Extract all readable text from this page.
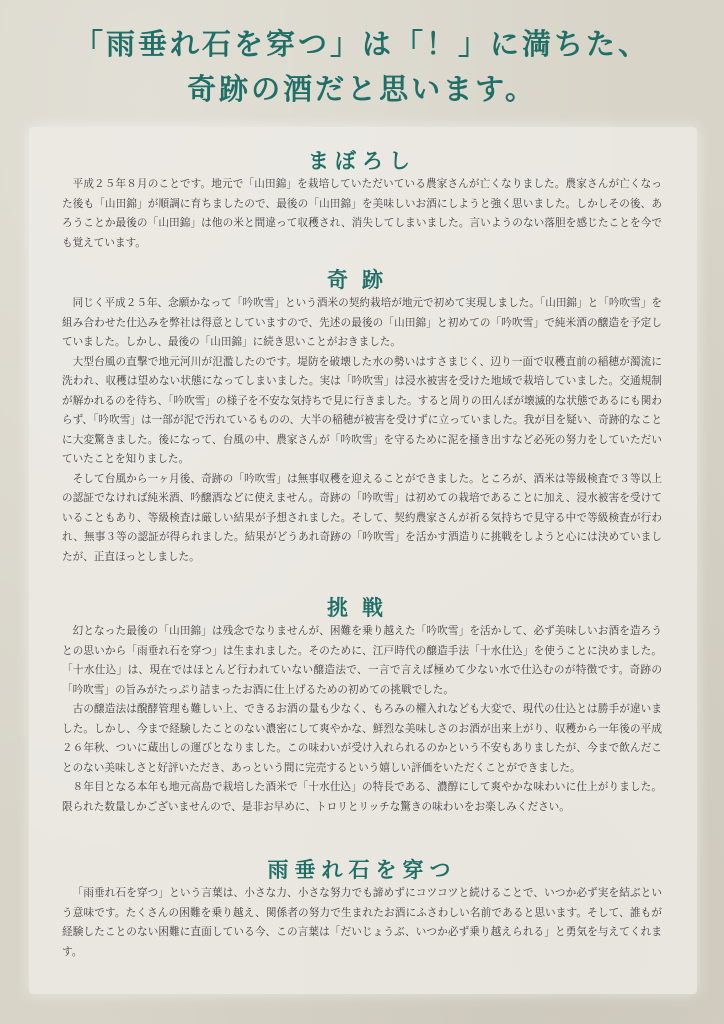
「雨垂れ石を穿つ」は「！」に満ちた、
奇跡の酒だと思います。
まぼろし

平成２５年８月のことです。地元で「山田錦」を栽培していただいている農家さんが亡くなりました。農家さんが亡くなった後も「山田錦」が順調に育ちましたので、最後の「山田錦」を美味しいお酒にしようと強く思いました。しかしその後、あろうことか最後の「山田錦」は他の米と間違って収穫され、消失してしまいました。言いようのない落胆を感じたことを今でも覚えています。

奇跡

同じく平成２５年、念願かなって「吟吹雪」という酒米の契約栽培が地元で初めて実現しました。「山田錦」と「吟吹雪」を組み合わせた仕込みを弊社は得意としていますので、先述の最後の「山田錦」と初めての「吟吹雪」で純米酒の醸造を予定していました。しかし、最後の「山田錦」に続き思いことがおきました。

大型台風の直撃で地元河川が氾濫したのです。堤防を破壊した水の勢いはすさまじく、辺り一面で収穫直前の稲穂が濁流に洗われ、収穫は望めない状態になってしまいました。実は「吟吹雪」は浸水被害を受けた地域で栽培していました。交通規制が解かれるのを待ち、「吟吹雪」の様子を不安な気持ちで見に行きました。すると周りの田んぼが壊滅的な状態であるにも関わらず、「吟吹雪」は一部が泥で汚れているものの、大半の稲穂が被害を受けずに立っていました。我が目を疑い、奇跡的なことに大変驚きました。後になって、台風の中、農家さんが「吟吹雪」を守るために泥を掻き出すなど必死の努力をしていただいていたことを知りました。

そして台風から一ヶ月後、奇跡の「吟吹雪」は無事収穫を迎えることができました。ところが、酒米は等級検査で３等以上の認証でなければ純米酒、吟醸酒などに使えません。奇跡の「吟吹雪」は初めての栽培であることに加え、浸水被害を受けていることもあり、等級検査は厳しい結果が予想されました。そして、契約農家さんが祈る気持ちで見守る中で等級検査が行われ、無事３等の認証が得られました。結果がどうあれ奇跡の「吟吹雪」を活かす酒造りに挑戦をしようと心には決めていましたが、正直ほっとしました。

挑戦

幻となった最後の「山田錦」は残念でなりませんが、困難を乗り越えた「吟吹雪」を活かして、必ず美味しいお酒を造ろうとの思いから「雨垂れ石を穿つ」は生まれました。そのために、江戸時代の醸造手法「十水仕込」を使うことに決めました。「十水仕込」は、現在ではほとんど行われていない醸造法で、一言で言えば極めて少ない水で仕込むのが特徴です。奇跡の「吟吹雪」の旨みがたっぷり詰まったお酒に仕上げるための初めての挑戦でした。

古の醸造法は醗酵管理も難しい上、できるお酒の量も少なく、もろみの櫂入れなども大変で、現代の仕込とは勝手が違いました。しかし、今まで経験したことのない濃密にして爽やかな、鮮烈な美味しさのお酒が出来上がり、収穫から一年後の平成２６年秋、ついに蔵出しの運びとなりました。この味わいが受け入れられるのかという不安もありましたが、今まで飲んだことのない美味しさと好評いただき、あっという間に完売するという嬉しい評価をいただくことができました。

８年目となる本年も地元高島で栽培した酒米で「十水仕込」の特長である、濃醇にして爽やかな味わいに仕上がりました。限られた数量しかございませんので、是非お早めに、トロリとリッチな驚きの味わいをお楽しみください。

雨垂れ石を穿つ

「雨垂れ石を穿つ」という言葉は、小さな力、小さな努力でも諦めずにコツコツと続けることで、いつか必ず実を結ぶという意味です。たくさんの困難を乗り越え、関係者の努力で生まれたお酒にふさわしい名前であると思います。そして、誰もが経験したことのない困難に直面している今、この言葉は「だいじょうぶ、いつか必ず乗り越えられる」と勇気を与えてくれます。
